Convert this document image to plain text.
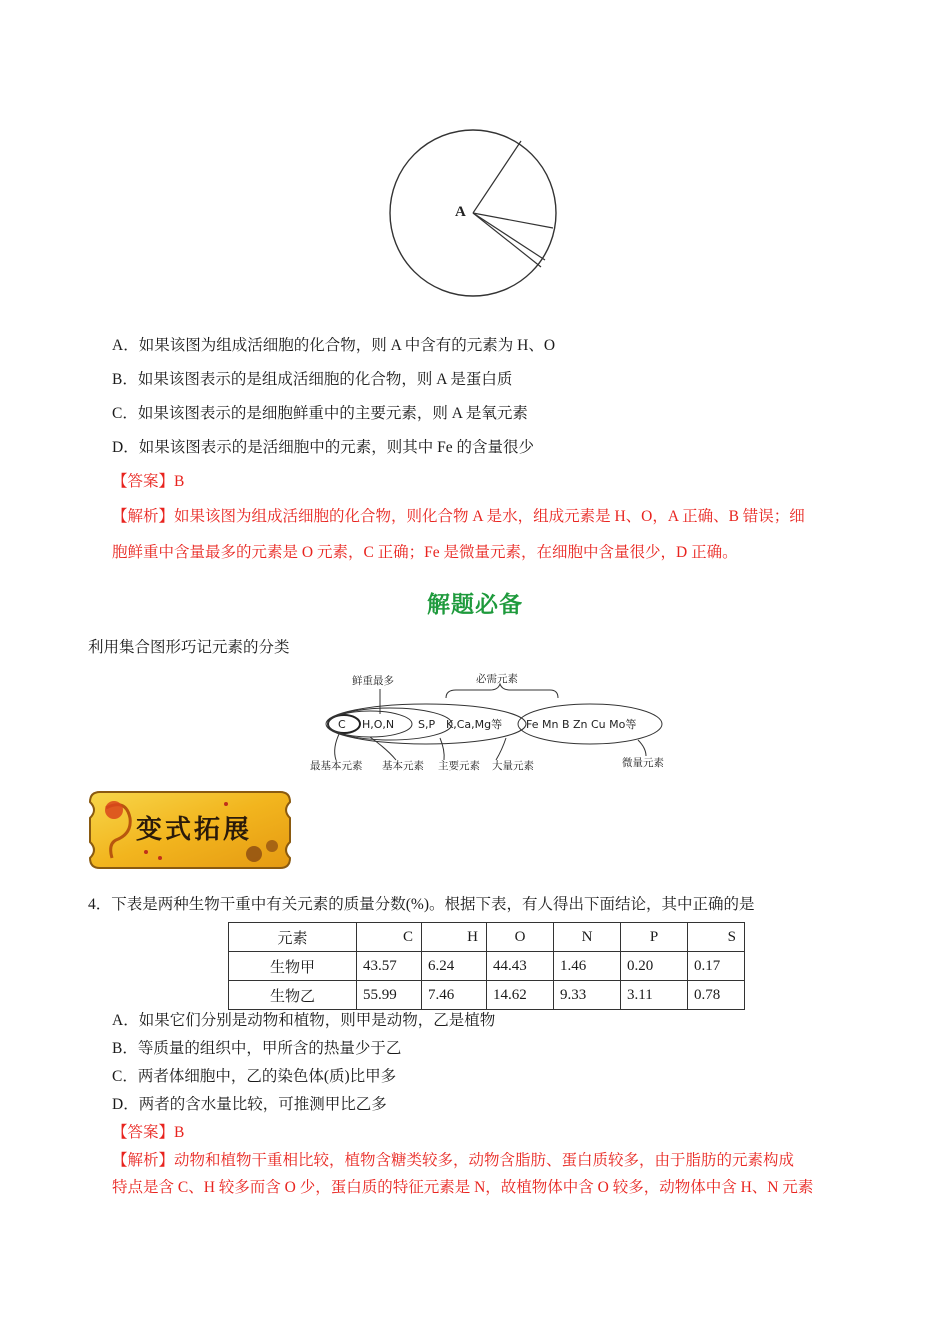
A
A．如果该图为组成活细胞的化合物，则 A 中含有的元素为 H、O
B．如果该图表示的是组成活细胞的化合物，则 A 是蛋白质
C．如果该图表示的是细胞鲜重中的主要元素，则 A 是氧元素
D．如果该图表示的是活细胞中的元素，则其中 Fe 的含量很少
【答案】B
【解析】如果该图为组成活细胞的化合物，则化合物 A 是水，组成元素是 H、O，A 正确、B 错误；细
胞鲜重中含量最多的元素是 O 元素，C 正确；Fe 是微量元素，在细胞中含量很少，D 正确。
解题必备
利用集合图形巧记元素的分类
鲜重最多	必需元素
C H,O,N S,P K,Ca,Mg等 Fe Mn B Zn Cu Mo等
最基本元素 基本元素 主要元素 大量元素	微量元素
变式拓展
4．下表是两种生物干重中有关元素的质量分数(%)。根据下表，有人得出下面结论，其中正确的是
元素	C	H	O	N	P	S
生物甲	43.57	6.24	44.43	1.46	0.20	0.17
生物乙	55.99	7.46	14.62	9.33	3.11	0.78
A．如果它们分别是动物和植物，则甲是动物，乙是植物
B．等质量的组织中，甲所含的热量少于乙
C．两者体细胞中，乙的染色体(质)比甲多
D．两者的含水量比较，可推测甲比乙多
【答案】B
【解析】动物和植物干重相比较，植物含糖类较多，动物含脂肪、蛋白质较多，由于脂肪的元素构成
特点是含 C、H 较多而含 O 少，蛋白质的特征元素是 N，故植物体中含 O 较多，动物体中含 H、N 元素
